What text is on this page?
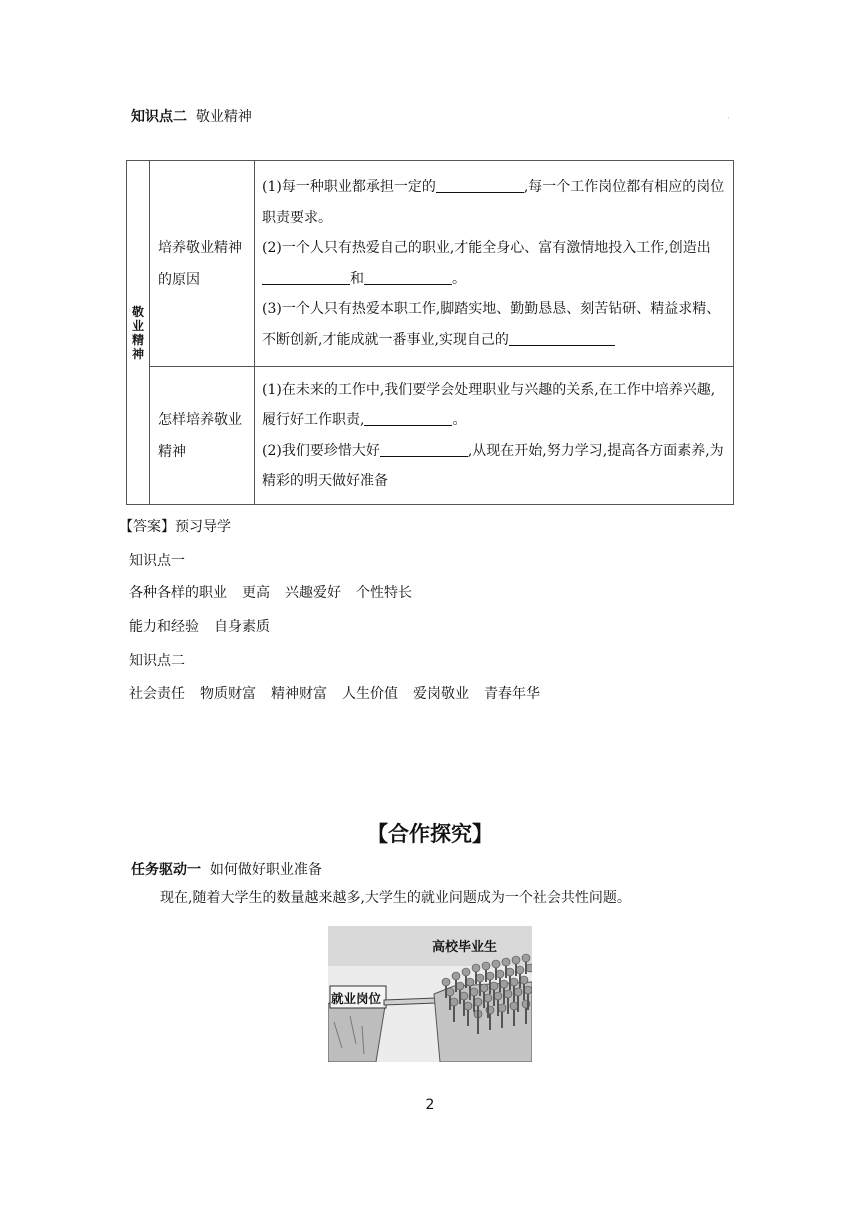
知识点二 敬业精神	·
敬业精神	培养敬业精神的原因	(1)每一种职业都承担一定的 ,每一个工作岗位都有相应的岗位职责要求。
(2)一个人只有热爱自己的职业,才能全身心、富有激情地投入工作,创造出和 。
(3)一个人只有热爱本职工作,脚踏实地、勤勤恳恳、刻苦钻研、精益求精、不断创新,才能成就一番事业,实现自己的

	怎样培养敬业精神	(1)在未来的工作中,我们要学会处理职业与兴趣的关系,在工作中培养兴趣,履行好工作职责, 。
(2)我们要珍惜大好 ,从现在开始,努力学习,提高各方面素养,为精彩的明天做好准备
【答案】预习导学
知识点一
各种各样的职业 更高 兴趣爱好 个性特长
能力和经验 自身素质
知识点二
社会责任 物质财富 精神财富 人生价值 爱岗敬业 青春年华
【合作探究】
任务驱动一 如何做好职业准备
现在,随着大学生的数量越来越多,大学生的就业问题成为一个社会共性问题。
高校毕业生
就业岗位
2
